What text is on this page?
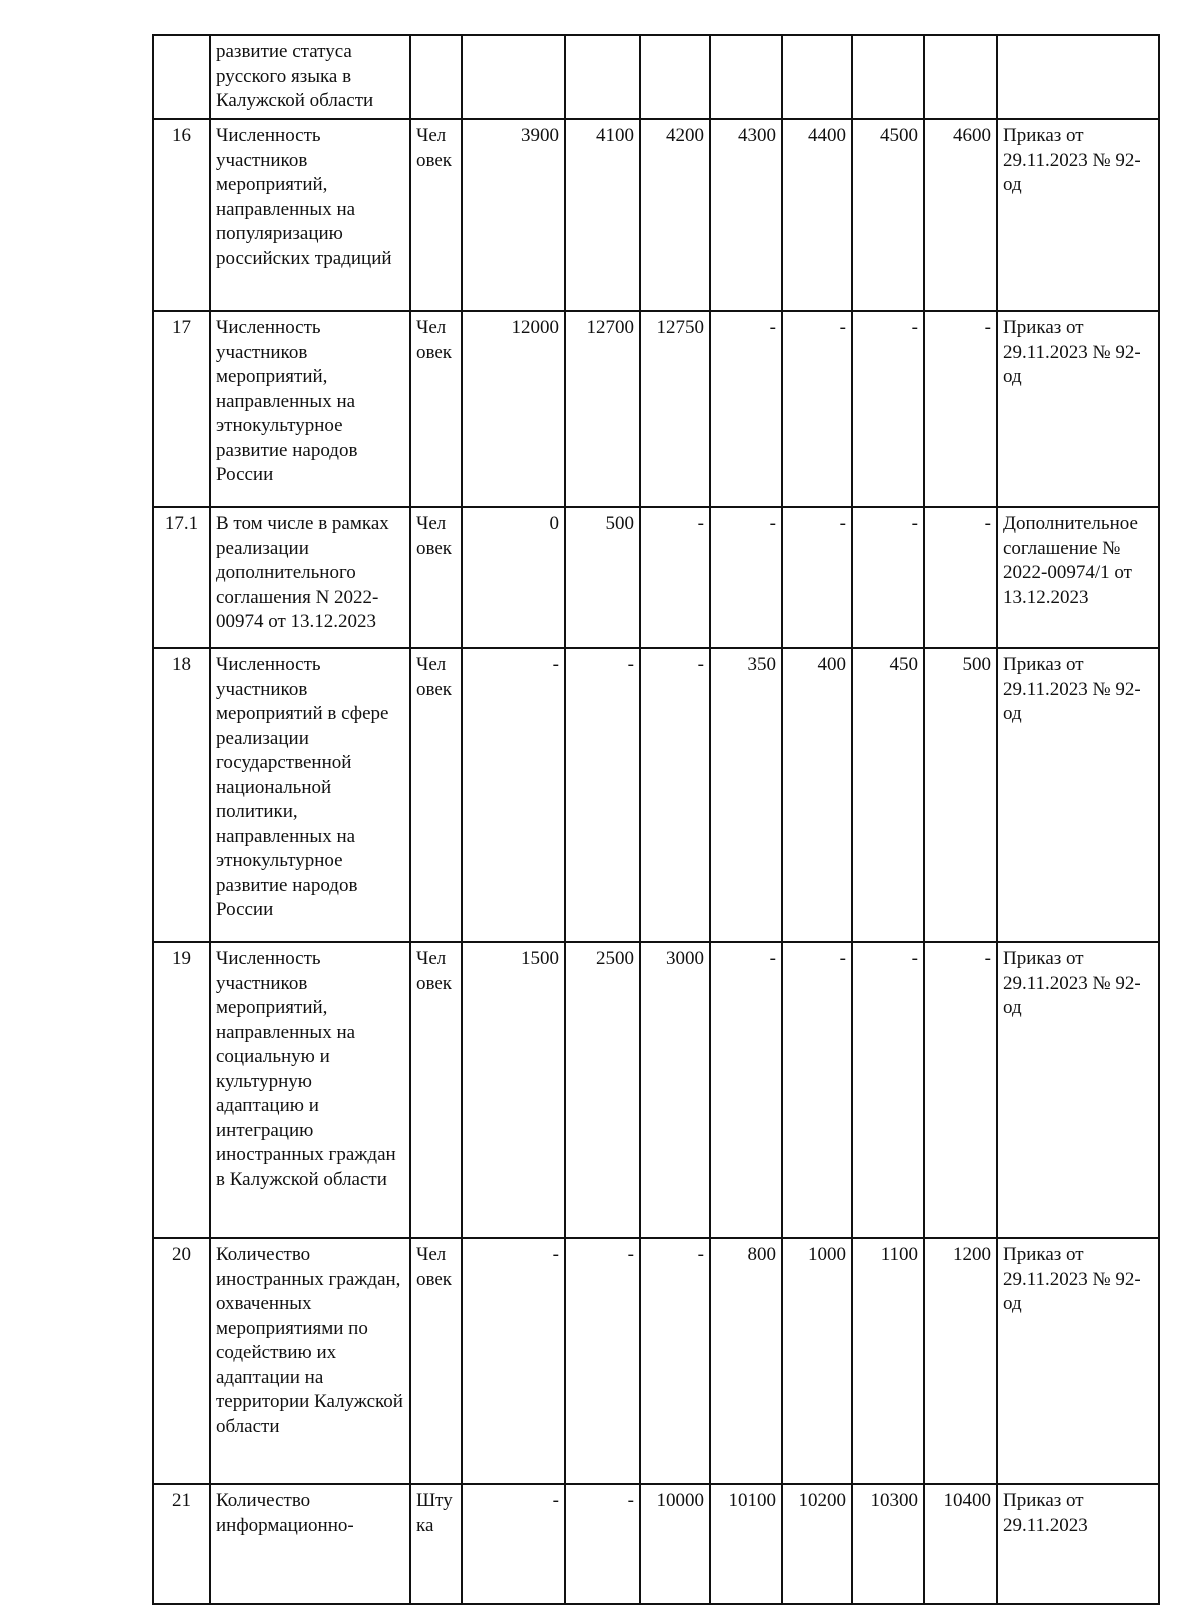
	развитие статуса русского языка в Калужской области									
16	Численность участников мероприятий, направленных на популяризацию российских традиций	Чел овек	3900	4100	4200	4300	4400	4500	4600	Приказ от 29.11.2023 № 92-од
17	Численность участников мероприятий, направленных на этнокультурное развитие народов России	Чел овек	12000	12700	12750	-	-	-	-	Приказ от 29.11.2023 № 92-од
17.1	В том числе в рамках реализации дополнительного соглашения N 2022-00974 от 13.12.2023	Чел овек	0	500	-	-	-	-	-	Дополнительное соглашение № 2022-00974/1 от 13.12.2023
18	Численность участников мероприятий в сфере реализации государственной национальной политики, направленных на этнокультурное развитие народов России	Чел овек	-	-	-	350	400	450	500	Приказ от 29.11.2023 № 92-од
19	Численность участников мероприятий, направленных на социальную и культурную адаптацию и интеграцию иностранных граждан в Калужской области	Чел овек	1500	2500	3000	-	-	-	-	Приказ от 29.11.2023 № 92-од
20	Количество иностранных граждан, охваченных мероприятиями по содействию их адаптации на территории Калужской области	Чел овек	-	-	-	800	1000	1100	1200	Приказ от 29.11.2023 № 92-од
21	Количество информационно-	Шту ка	-	-	10000	10100	10200	10300	10400	Приказ от 29.11.2023
